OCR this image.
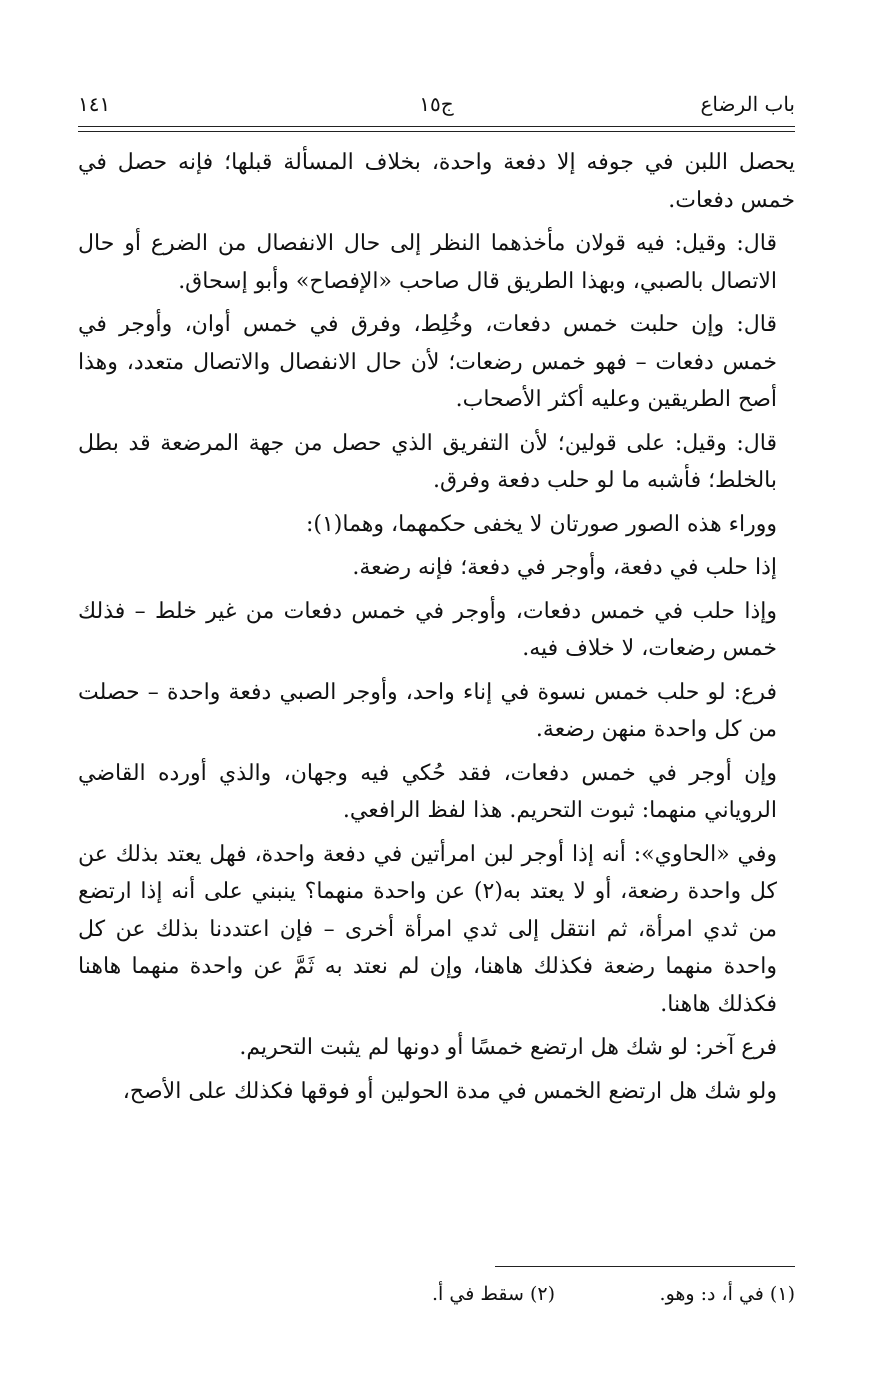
باب الرضاع
ج١٥
١٤١

يحصل اللبن في جوفه إلا دفعة واحدة، بخلاف المسألة قبلها؛ فإنه حصل في خمس دفعات.

قال: وقيل: فيه قولان مأخذهما النظر إلى حال الانفصال من الضرع أو حال الاتصال بالصبي، وبهذا الطريق قال صاحب «الإفصاح» وأبو إسحاق.

قال: وإن حلبت خمس دفعات، وخُلِط، وفرق في خمس أوان، وأوجر في خمس دفعات – فهو خمس رضعات؛ لأن حال الانفصال والاتصال متعدد، وهذا أصح الطريقين وعليه أكثر الأصحاب.

قال: وقيل: على قولين؛ لأن التفريق الذي حصل من جهة المرضعة قد بطل بالخلط؛ فأشبه ما لو حلب دفعة وفرق.

ووراء هذه الصور صورتان لا يخفى حكمهما، وهما(١):

إذا حلب في دفعة، وأوجر في دفعة؛ فإنه رضعة.

وإذا حلب في خمس دفعات، وأوجر في خمس دفعات من غير خلط – فذلك خمس رضعات، لا خلاف فيه.

فرع: لو حلب خمس نسوة في إناء واحد، وأوجر الصبي دفعة واحدة – حصلت من كل واحدة منهن رضعة.

وإن أوجر في خمس دفعات، فقد حُكي فيه وجهان، والذي أورده القاضي الروياني منهما: ثبوت التحريم. هذا لفظ الرافعي.

وفي «الحاوي»: أنه إذا أوجر لبن امرأتين في دفعة واحدة، فهل يعتد بذلك عن كل واحدة رضعة، أو لا يعتد به(٢) عن واحدة منهما؟ ينبني على أنه إذا ارتضع من ثدي امرأة، ثم انتقل إلى ثدي امرأة أخرى – فإن اعتددنا بذلك عن كل واحدة منهما رضعة فكذلك هاهنا، وإن لم نعتد به ثَمَّ عن واحدة منهما هاهنا فكذلك هاهنا.

فرع آخر: لو شك هل ارتضع خمسًا أو دونها لم يثبت التحريم.

ولو شك هل ارتضع الخمس في مدة الحولين أو فوقها فكذلك على الأصح،

(١) في أ، د: وهو.
(٢) سقط في أ.
